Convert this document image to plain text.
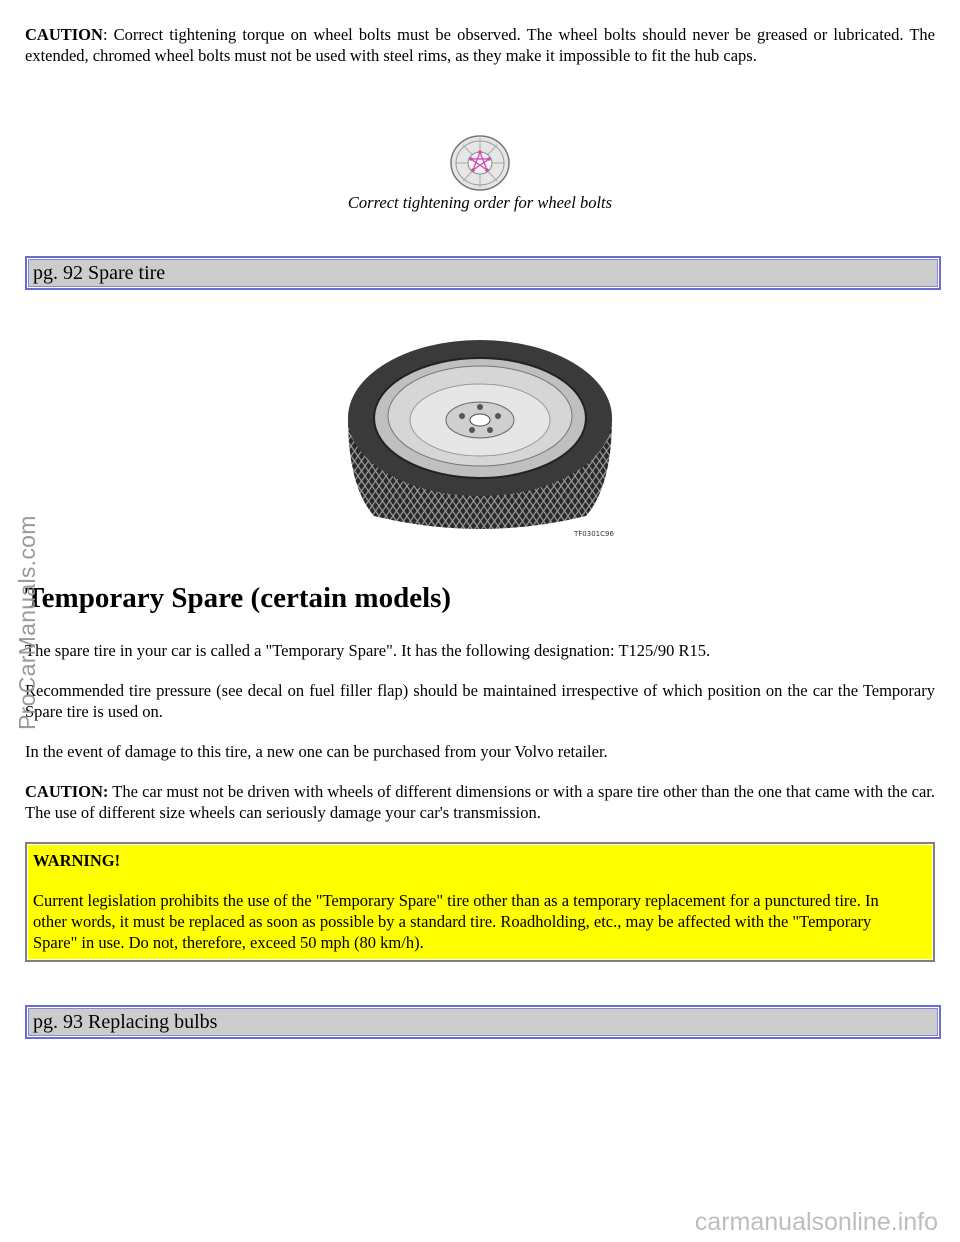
CAUTION: Correct tightening torque on wheel bolts must be observed. The wheel bolts should never be greased or lubricated. The extended, chromed wheel bolts must not be used with steel rims, as they make it impossible to fit the hub caps.

Correct tightening order for wheel bolts
pg. 92 Spare tire
TF0301C96
Temporary Spare (certain models)

The spare tire in your car is called a "Temporary Spare". It has the following designation: T125/90 R15.

Recommended tire pressure (see decal on fuel filler flap) should be maintained irrespective of which position on the car the Temporary Spare tire is used on.

In the event of damage to this tire, a new one can be purchased from your Volvo retailer.

CAUTION: The car must not be driven with wheels of different dimensions or with a spare tire other than the one that came with the car. The use of different size wheels can seriously damage your car's transmission.

WARNING!
Current legislation prohibits the use of the "Temporary Spare" tire other than as a temporary replacement for a punctured tire. In other words, it must be replaced as soon as possible by a standard tire. Roadholding, etc., may be affected with the "Temporary Spare" in use. Do not, therefore, exceed 50 mph (80 km/h).
pg. 93 Replacing bulbs
ProCarManuals.com
carmanualsonline.info
